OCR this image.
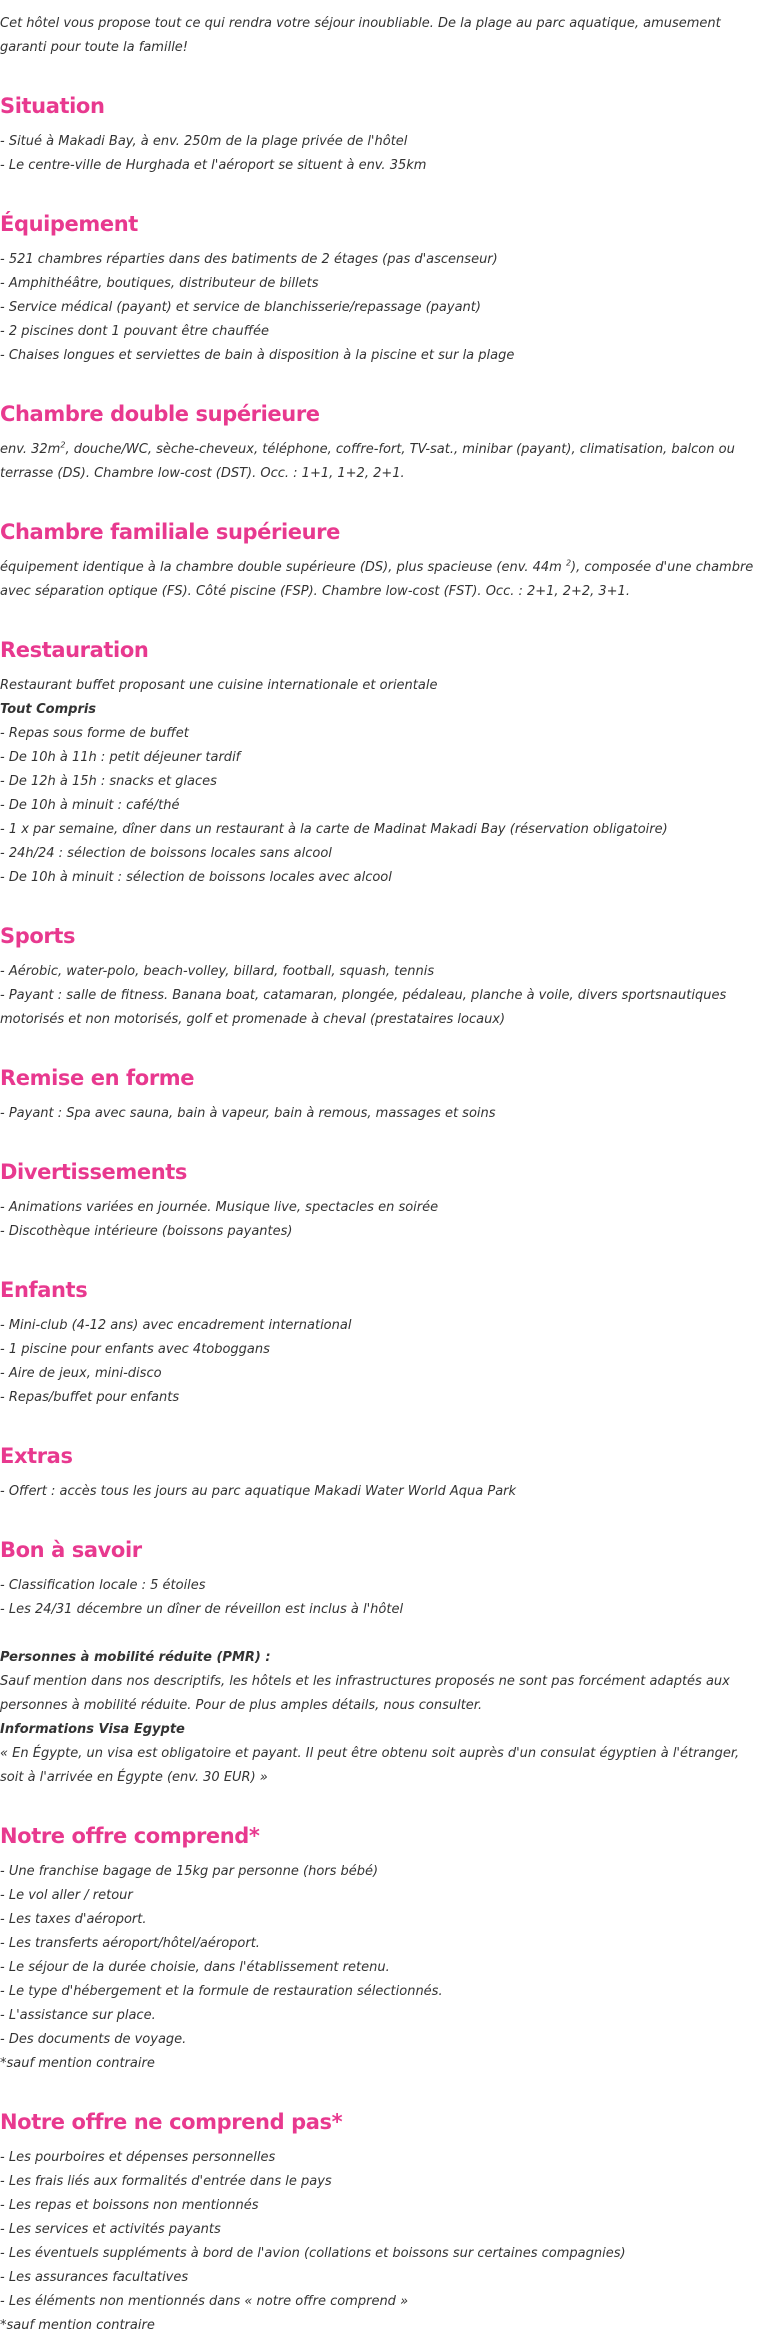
Cet hôtel vous propose tout ce qui rendra votre séjour inoubliable. De la plage au parc aquatique, amusement garanti pour toute la famille!

Situation

- Situé à Makadi Bay, à env. 250m de la plage privée de l'hôtel

- Le centre-ville de Hurghada et l'aéroport se situent à env. 35km

Équipement

- 521 chambres réparties dans des batiments de 2 étages (pas d'ascenseur)

- Amphithéâtre, boutiques, distributeur de billets

- Service médical (payant) et service de blanchisserie/repassage (payant)

- 2 piscines dont 1 pouvant être chauffée

- Chaises longues et serviettes de bain à disposition à la piscine et sur la plage

Chambre double supérieure

env. $32m^2$, douche/WC, sèche-cheveux, téléphone, coffre-fort, TV-sat., minibar (payant), climatisation, balcon ou terrasse (DS). Chambre low-cost (DST). Occ. : 1+1, 1+2, 2+1.

Chambre familiale supérieure

équipement identique à la chambre double supérieure (DS), plus spacieuse (env. 44m $^2$), composée d'une chambre avec séparation optique (FS). Côté piscine (FSP). Chambre low-cost (FST). Occ. : 2+1, 2+2, 3+1.

Restauration

Restaurant buffet proposant une cuisine internationale et orientale

Tout Compris

- Repas sous forme de buffet

- De 10h à 11h : petit déjeuner tardif

- De 12h à 15h : snacks et glaces

- De 10h à minuit : café/thé

- 1 x par semaine, dîner dans un restaurant à la carte de Madinat Makadi Bay (réservation obligatoire)

- 24h/24 : sélection de boissons locales sans alcool

- De 10h à minuit : sélection de boissons locales avec alcool

Sports

- Aérobic, water-polo, beach-volley, billard, football, squash, tennis

- Payant : salle de fitness. Banana boat, catamaran, plongée, pédaleau, planche à voile, divers sportsnautiques motorisés et non motorisés, golf et promenade à cheval (prestataires locaux)

Remise en forme

- Payant : Spa avec sauna, bain à vapeur, bain à remous, massages et soins

Divertissements

- Animations variées en journée. Musique live, spectacles en soirée

- Discothèque intérieure (boissons payantes)

Enfants

- Mini-club (4-12 ans) avec encadrement international

- 1 piscine pour enfants avec 4toboggans

- Aire de jeux, mini-disco

- Repas/buffet pour enfants

Extras

- Offert : accès tous les jours au parc aquatique Makadi Water World Aqua Park

Bon à savoir

- Classification locale : 5 étoiles

- Les 24/31 décembre un dîner de réveillon est inclus à l'hôtel

Personnes à mobilité réduite (PMR) :

Sauf mention dans nos descriptifs, les hôtels et les infrastructures proposés ne sont pas forcément adaptés aux personnes à mobilité réduite. Pour de plus amples détails, nous consulter.

Informations Visa Egypte

« En Égypte, un visa est obligatoire et payant. Il peut être obtenu soit auprès d'un consulat égyptien à l'étranger, soit à l'arrivée en Égypte (env. 30 EUR) »

Notre offre comprend*

- Une franchise bagage de 15kg par personne (hors bébé)

- Le vol aller / retour

- Les taxes d'aéroport.

- Les transferts aéroport/hôtel/aéroport.

- Le séjour de la durée choisie, dans l'établissement retenu.

- Le type d'hébergement et la formule de restauration sélectionnés.

- L'assistance sur place.

- Des documents de voyage.

*sauf mention contraire

Notre offre ne comprend pas*

- Les pourboires et dépenses personnelles

- Les frais liés aux formalités d'entrée dans le pays

- Les repas et boissons non mentionnés

- Les services et activités payants

- Les éventuels suppléments à bord de l'avion (collations et boissons sur certaines compagnies)

- Les assurances facultatives

- Les éléments non mentionnés dans « notre offre comprend »

*sauf mention contraire
